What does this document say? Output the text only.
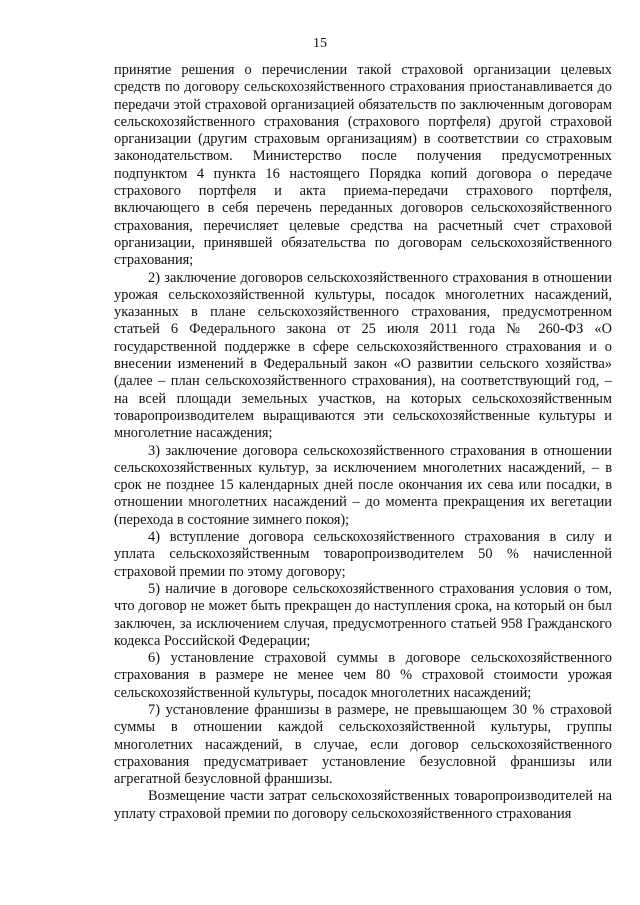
15

принятие решения о перечислении такой страховой организации целевых средств по договору сельскохозяйственного страхования приостанавливается до передачи этой страховой организацией обязательств по заключенным договорам сельскохозяйственного страхования (страхового портфеля) другой страховой организации (другим страховым организациям) в соответствии со страховым законодательством. Министерство после получения предусмотренных подпунктом 4 пункта 16 настоящего Порядка копий договора о передаче страхового портфеля и акта приема-передачи страхового портфеля, включающего в себя перечень переданных договоров сельскохозяйственного страхования, перечисляет целевые средства на расчетный счет страховой организации, принявшей обязательства по договорам сельскохозяйственного страхования;

2) заключение договоров сельскохозяйственного страхования в отношении урожая сельскохозяйственной культуры, посадок многолетних насаждений, указанных в плане сельскохозяйственного страхования, предусмотренном статьей 6 Федерального закона от 25 июля 2011 года № 260-ФЗ «О государственной поддержке в сфере сельскохозяйственного страхования и о внесении изменений в Федеральный закон «О развитии сельского хозяйства» (далее – план сельскохозяйственного страхования), на соответствующий год, – на всей площади земельных участков, на которых сельскохозяйственным товаропроизводителем выращиваются эти сельскохозяйственные культуры и многолетние насаждения;

3) заключение договора сельскохозяйственного страхования в отношении сельскохозяйственных культур, за исключением многолетних насаждений, – в срок не позднее 15 календарных дней после окончания их сева или посадки, в отношении многолетних насаждений – до момента прекращения их вегетации (перехода в состояние зимнего покоя);

4) вступление договора сельскохозяйственного страхования в силу и уплата сельскохозяйственным товаропроизводителем 50 % начисленной страховой премии по этому договору;

5) наличие в договоре сельскохозяйственного страхования условия о том, что договор не может быть прекращен до наступления срока, на который он был заключен, за исключением случая, предусмотренного статьей 958 Гражданского кодекса Российской Федерации;

6) установление страховой суммы в договоре сельскохозяйственного страхования в размере не менее чем 80 % страховой стоимости урожая сельскохозяйственной культуры, посадок многолетних насаждений;

7) установление франшизы в размере, не превышающем 30 % страховой суммы в отношении каждой сельскохозяйственной культуры, группы многолетних насаждений, в случае, если договор сельскохозяйственного страхования предусматривает установление безусловной франшизы или агрегатной безусловной франшизы.

Возмещение части затрат сельскохозяйственных товаропроизводителей на уплату страховой премии по договору сельскохозяйственного страхования
